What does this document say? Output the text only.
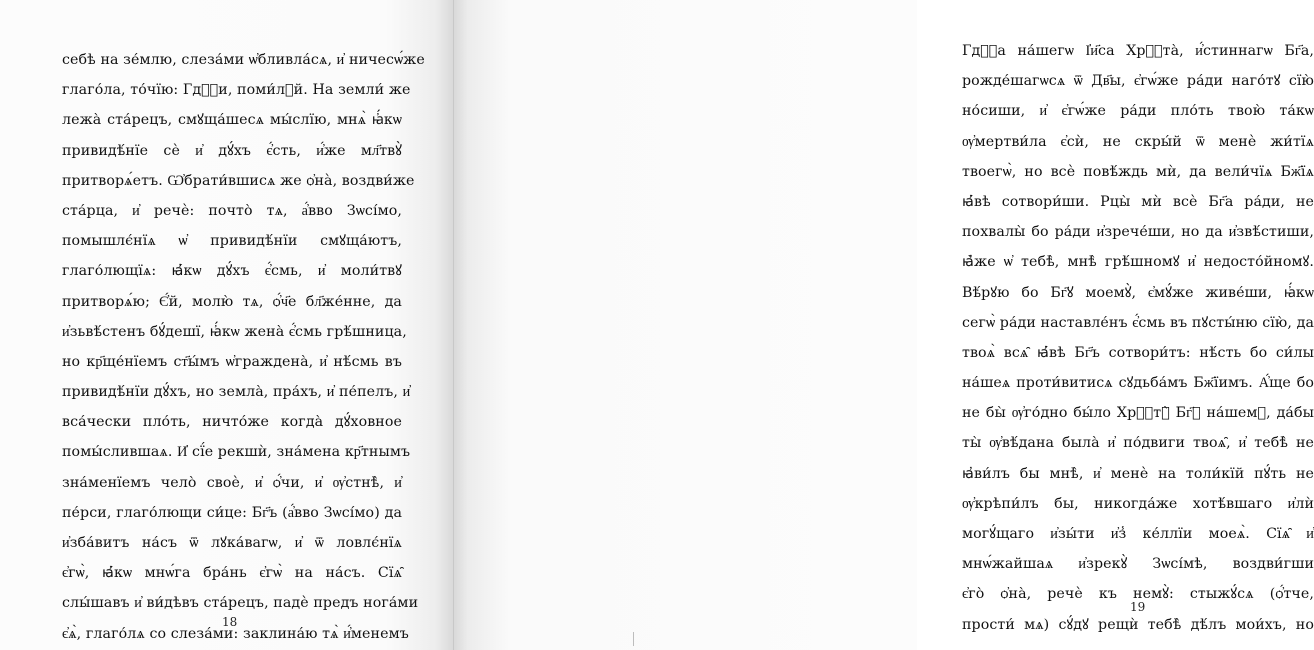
себѣ на зе́млю, слеза́ми ѡ҆бливла́сѧ, и҆ ничесѡ́же
глаго́ла, то́чїю: Гдⷭ҇и, поми́лꙋй. На земли́ же
лежа̀ ста́рецъ, смꙋща́шесѧ мы́слїю, мнѧ̀ ꙗ҆́кѡ
привидѣ́нїе сѐ и҆ дꙋ́хъ є҆́сть, и҆́же мл҃твꙋ̀
притворѧ́етъ. Ѡ҆брати́вшисѧ же ѻ҆нà, воздви́же
ста́рца, и҆ речѐ: почто̀ тѧ, а҆́вво Зѡсі́мо,
помышлє́нїѧ ѡ҆ привидѣ́нїи смꙋща́ютъ,
глаго́лющїѧ: ꙗ҆́кѡ дꙋ́хъ є҆́смь, и҆ моли́твꙋ
притворѧ́ю; Є҆́й, молю̀ тѧ, ѻ҆́ч҃е бл҃же́нне, да
и҆зьвѣ́стенъ бꙋ́дешї, ꙗ҆́кѡ жена̀ є҆́смь грѣ́шница,
но кр҃ще́нїемъ ст҃ы́мъ ѡ҆граждена̀, и҆ нѣ́смь въ
привидѣ́нїи дꙋ́хъ, но земла̀, пра́хъ, и҆ пе́пелъ, и҆
вса́чески пло́ть, ничто́же когда̀ дꙋ́ховное
помы́слившаѧ. И҆ сї́е рекшѝ, зна́мена кр҃тнымъ
зна́менїемъ чело̀ своѐ, и҆ ѻ҆́чи, и҆ ѹ҆стнѣ̀, и҆
пе́рси, глаго́лющи си́це: Бг҃ъ (а҆́вво Зѡсі́мо) да
и҆зба́витъ на́съ ѿ лꙋка́вагѡ, и҆ ѿ ловлє́нїѧ
є҆гѡ̀, ꙗ҆́кѡ мнѡ́га бра́нь є҆гѡ̀ на на́съ. Сїѧ̑
слы́шавъ и҆ ви́дѣвъ ста́рецъ, падѐ предъ нога́ми
є҆ѧ̀, глаго́лѧ со слеза́ми: заклина́ю тѧ̀ и҆́менемъ
18
Гдⷭ҇а на́шегѡ І҆и҃са Хрⷭ҇та̀, и҆́стиннагѡ Бг҃а,
рожде́шагѡсѧ ѿ Дв҃ы, є҆гѡ́же ра́ди наго́тꙋ сїю̀
но́сиши, и҆ є҆гѡ́же ра́ди пло́ть твою̀ та́кѡ
ѹ҆мертви́ла є҆сѝ, не скры́й ѿ менѐ жи́тїѧ
твоегѡ̀, но всѐ повѣ́ждь мѝ, да вели́чїѧ Бж҃їѧ
ꙗ҆́вѣ сотвори́ши. Рцы̀ мѝ всѐ Бг҃а ра́ди, не
похвалы̀ бо ра́ди и҆зрече́ши, но да и҆звѣ́стиши,
ꙗ҆̀же ѡ҆ тебѣ̀, мнѣ̀ грѣ́шномꙋ и҆ недосто́йномꙋ.
Вѣ́рꙋю бо Бг҃ꙋ моемꙋ̀, є҆мꙋ́же живе́ши, ꙗ҆́кѡ
сегѡ̀ ра́ди наставле́нъ є҆́смь въ пꙋсты́ню сїю̀, да
твоѧ̀ всѧ̑ ꙗ҆́вѣ Бг҃ъ сотвори́тъ: нѣ́сть бо си́лы
на́шеѧ проти́витисѧ сꙋдьба́мъ Бж҃їимъ. А҆́ще бо
не бы̀ ѹ҆го́дно бы́ло Хрⷭ҇тꙋ̀ Бг҃ꙋ на́шемꙋ, да́бы
ты̀ ѹ҆вѣ́дана была̀ и҆ по́двиги твоѧ̑, и҆ тебѣ̀ не
ꙗ҆ви́лъ бы мнѣ̀, и҆ менѐ на толи́кїй пꙋ́ть не
ѹ҆крѣпи́лъ бы, никогда́же хотѣ́вшаго и҆лѝ
могꙋ́щаго и҆зы́ти и҆з̾ ке́ллїи моеѧ̀. Сїѧ̑ и҆
мнѡ́жайшаѧ и҆зрекꙋ̀ Зѡсі́мѣ, воздви́гши
є҆го̀ ѻ҆на̀, речѐ къ немꙋ̀: стыжꙋ́сѧ (ѻ҆́тче,
прости́ мѧ) сꙋ́дꙋ рещѝ тебѣ̀ дѣ́лъ мои́хъ, но
19
